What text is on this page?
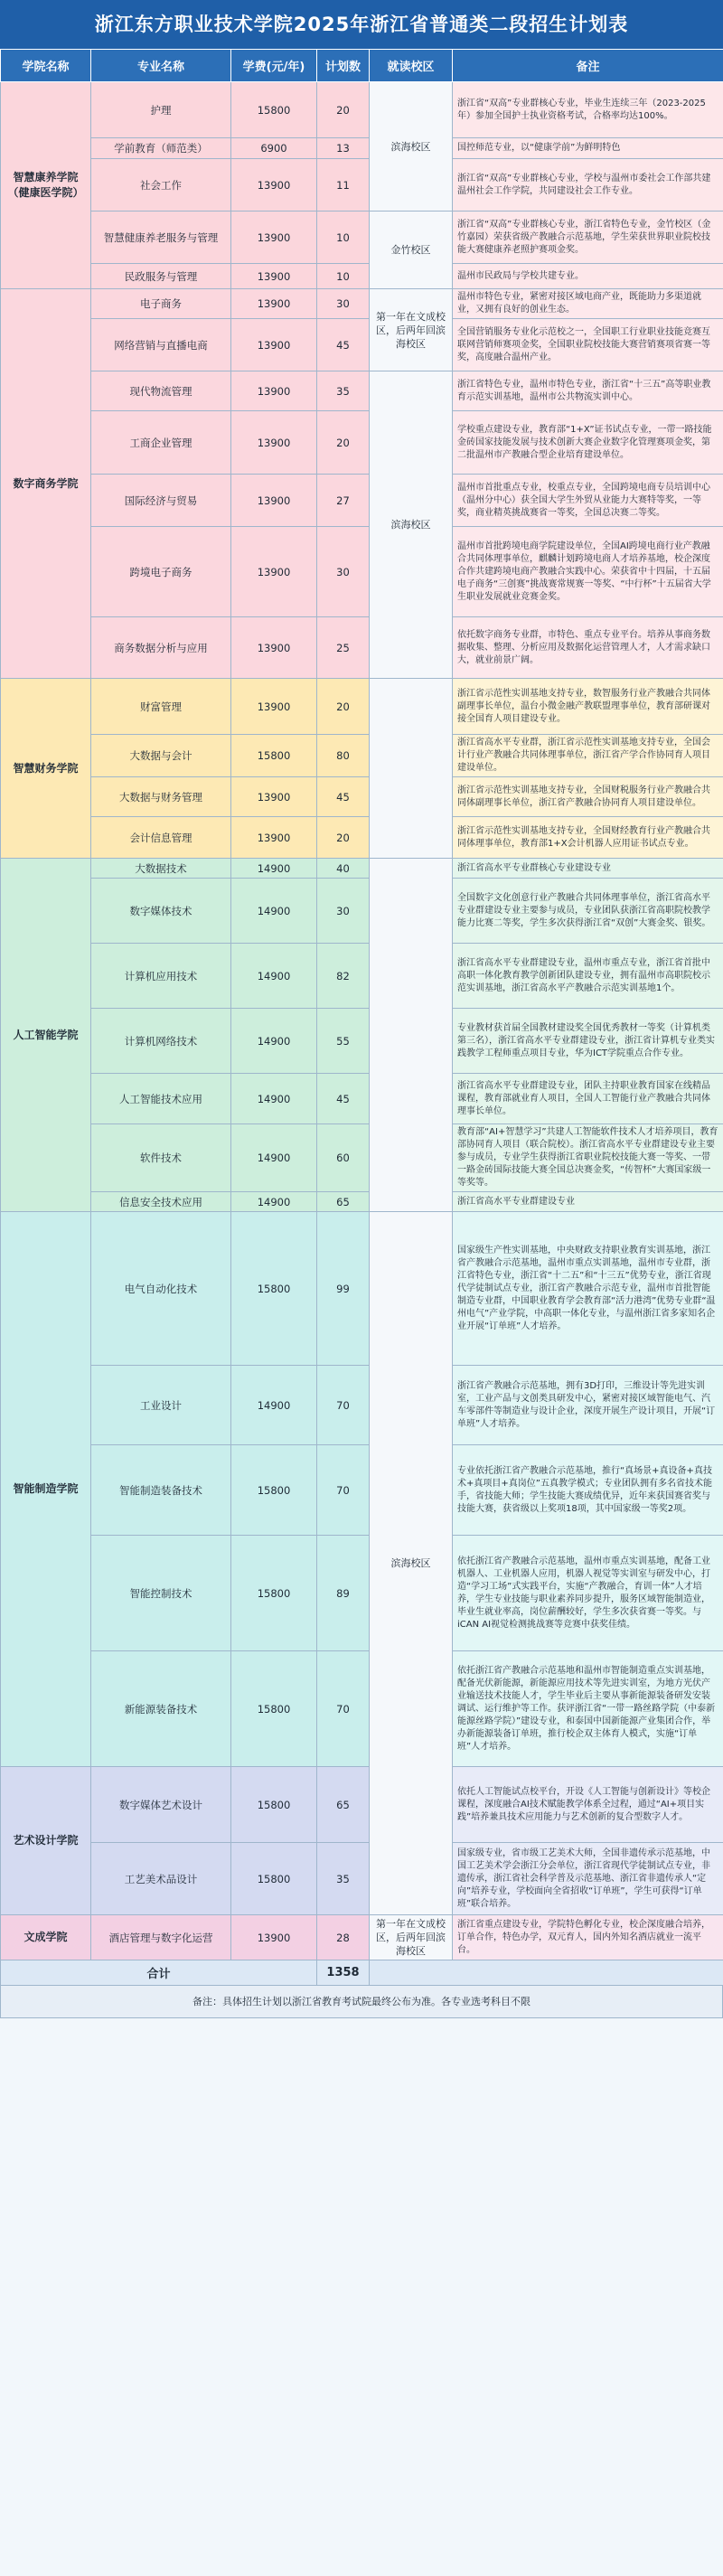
浙江东方职业技术学院2025年浙江省普通类二段招生计划表
学院名称	专业名称	学费(元/年)	计划数	就读校区	备注
智慧康养学院
（健康医学院）	护理	15800	20	滨海校区	浙江省“双高”专业群核心专业，毕业生连续三年（2023-2025年）参加全国护士执业资格考试，合格率均达100%。
	学前教育（师范类）	6900	13		国控师范专业，以“健康学前”为鲜明特色
	社会工作	13900	11		浙江省“双高”专业群核心专业，学校与温州市委社会工作部共建温州社会工作学院，共同建设社会工作专业。
	智慧健康养老服务与管理	13900	10	金竹校区	浙江省“双高”专业群核心专业，浙江省特色专业，金竹校区（金竹嘉园）荣获省级产教融合示范基地，学生荣获世界职业院校技能大赛健康养老照护赛项金奖。
	民政服务与管理	13900	10		温州市民政局与学校共建专业。
数字商务学院	电子商务	13900	30	第一年在文成校区，后两年回滨海校区	温州市特色专业，紧密对接区域电商产业，既能助力多渠道就业，又拥有良好的创业生态。
	网络营销与直播电商	13900	45		全国营销服务专业化示范校之一，全国职工行业职业技能竞赛互联网营销师赛项金奖，全国职业院校技能大赛营销赛项省赛一等奖，高度融合温州产业。
	现代物流管理	13900	35	滨海校区	浙江省特色专业，温州市特色专业，浙江省“十三五”高等职业教育示范实训基地，温州市公共物流实训中心。
	工商企业管理	13900	20		学校重点建设专业，教育部“1+X”证书试点专业，一带一路技能金砖国家技能发展与技术创新大赛企业数字化管理赛项金奖，第二批温州市产教融合型企业培育建设单位。
	国际经济与贸易	13900	27		温州市首批重点专业，校重点专业，全国跨境电商专员培训中心（温州分中心）获全国大学生外贸从业能力大赛特等奖，一等奖，商业精英挑战赛省一等奖，全国总决赛二等奖。
	跨境电子商务	13900	30		温州市首批跨境电商学院建设单位，全国AI跨境电商行业产教融合共同体理事单位，麒麟计划跨境电商人才培养基地，校企深度合作共建跨境电商产教融合实践中心。荣获省中十四届，十五届电子商务“三创赛”挑战赛常规赛一等奖、“中行杯”十五届省大学生职业发展就业竞赛金奖。
	商务数据分析与应用	13900	25		依托数字商务专业群，市特色、重点专业平台。培养从事商务数据收集、整理、分析应用及数据化运营管理人才，人才需求缺口大，就业前景广阔。
智慧财务学院	财富管理	13900	20		浙江省示范性实训基地支持专业，数智服务行业产教融合共同体副理事长单位，温台小微金融产教联盟理事单位，教育部研课对接全国育人项目建设专业。
	大数据与会计	15800	80		浙江省高水平专业群，浙江省示范性实训基地支持专业，全国会计行业产教融合共同体理事单位，浙江省产学合作协同育人项目建设单位。
	大数据与财务管理	13900	45		浙江省示范性实训基地支持专业，全国财税服务行业产教融合共同体副理事长单位，浙江省产教融合协同育人项目建设单位。
	会计信息管理	13900	20		浙江省示范性实训基地支持专业，全国财经教育行业产教融合共同体理事单位，教育部1+X会计机器人应用证书试点专业。
人工智能学院	大数据技术	14900	40		浙江省高水平专业群核心专业建设专业
	数字媒体技术	14900	30		全国数字文化创意行业产教融合共同体理事单位，浙江省高水平专业群建设专业主要参与成员，专业团队获浙江省高职院校教学能力比赛二等奖，学生多次获得浙江省“双创”大赛金奖、银奖。
	计算机应用技术	14900	82		浙江省高水平专业群建设专业，温州市重点专业，浙江省首批中高职一体化教育教学创新团队建设专业，拥有温州市高职院校示范实训基地，浙江省高水平产教融合示范实训基地1个。
	计算机网络技术	14900	55		专业教材获首届全国教材建设奖全国优秀教材一等奖（计算机类第三名），浙江省高水平专业群建设专业，浙江省计算机专业类实践教学工程师重点项目专业，华为ICT学院重点合作专业。
	人工智能技术应用	14900	45		浙江省高水平专业群建设专业，团队主持职业教育国家在线精品课程，教育部就业育人项目，全国人工智能行业产教融合共同体理事长单位。
	软件技术	14900	60		教育部“AI+智慧学习”共建人工智能软件技术人才培养项目，教育部协同育人项目（联合院校）。浙江省高水平专业群建设专业主要参与成员，专业学生获得浙江省职业院校技能大赛一等奖、一带一路金砖国际技能大赛全国总决赛金奖，“传智杯”大赛国家级一等奖等。
	信息安全技术应用	14900	65		浙江省高水平专业群建设专业
智能制造学院	电气自动化技术	15800	99	滨海校区	国家级生产性实训基地，中央财政支持职业教育实训基地，浙江省产教融合示范基地，温州市重点实训基地，温州市专业群，浙江省特色专业，浙江省“十二五”和“十三五”优势专业，浙江省现代学徒制试点专业，浙江省产教融合示范专业，温州市首批智能制造专业群，中国职业教育学会教育部“活力港湾”优势专业群“温州电气”产业学院，中高职一体化专业，与温州浙江省多家知名企业开展“订单班”人才培养。
	工业设计	14900	70		浙江省产教融合示范基地，拥有3D打印，三维设计等先进实训室，工业产品与文创类具研发中心，紧密对接区域智能电气、汽车零部件等制造业与设计企业，深度开展生产设计项目，开展“订单班”人才培养。
	智能制造装备技术	15800	70		专业依托浙江省产教融合示范基地，推行“真场景+真设备+真技术+真项目+真岗位”五真教学模式；专业团队拥有多名省技术能手，省技能大师；学生技能大赛成绩优异，近年来获国赛省奖与技能大赛，获省级以上奖项18项，其中国家级一等奖2项。
	智能控制技术	15800	89		依托浙江省产教融合示范基地，温州市重点实训基地，配备工业机器人、工业机器人应用，机器人视觉等实训室与研发中心，打造“学习工场”式实践平台，实施“产教融合，育训一体”人才培养，学生专业技能与职业素养同步提升，服务区域智能制造业，毕业生就业率高，岗位薪酬较好，学生多次获省赛一等奖。与iCAN AI视觉检测挑战赛等竞赛中获奖佳绩。
	新能源装备技术	15800	70		依托浙江省产教融合示范基地和温州市智能制造重点实训基地，配备光伏新能源，新能源应用技术等先进实训室，为地方光伏产业输送技术技能人才，学生毕业后主要从事新能源装备研发安装调试、运行维护等工作。获评浙江省“一带一路丝路学院（中泰新能源丝路学院）”建设专业，和泰国中国新能源产业集团合作，举办新能源装备订单班，推行校企双主体育人模式，实施“订单班”人才培养。
艺术设计学院	数字媒体艺术设计	15800	65		依托人工智能试点校平台，开设《人工智能与创新设计》等校企课程，深度融合AI技术赋能教学体系全过程，通过“AI+项目实践”培养兼具技术应用能力与艺术创新的复合型数字人才。
	工艺美术品设计	15800	35		国家级专业，省市级工艺美术大师，全国非遗传承示范基地，中国工艺美术学会浙江分会单位，浙江省现代学徒制试点专业，非遗传承，浙江省社会科学普及示范基地、浙江省非遗传承人“定向”培养专业，学校面向全省招收“订单班”，学生可获得“订单班”联合培养。
文成学院	酒店管理与数字化运营	13900	28	第一年在文成校区，后两年回滨海校区	浙江省重点建设专业，学院特色孵化专业，校企深度融合培养，订单合作，特色办学，双元育人，国内外知名酒店就业一流平台。
合计			1358		
备注：具体招生计划以浙江省教育考试院最终公布为准。各专业选考科目不限
